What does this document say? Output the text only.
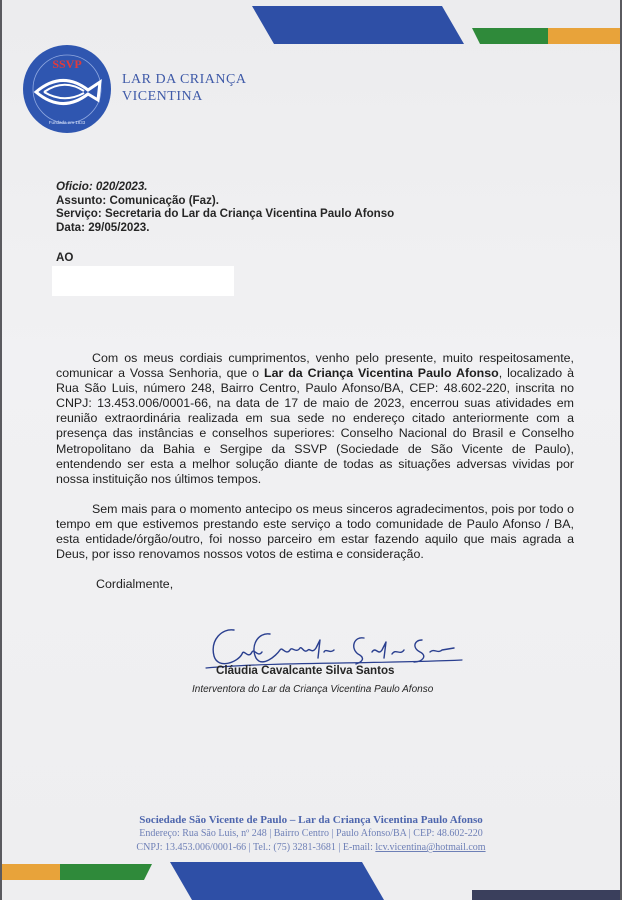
SSVP
Fundada em 1833
LAR DA CRIANÇA
VICENTINA
Oficio: 020/2023.
Assunto: Comunicação (Faz).
Serviço: Secretaria do Lar da Criança Vicentina Paulo Afonso
Data: 29/05/2023.
AO
Com os meus cordiais cumprimentos, venho pelo presente, muito respeitosamente, comunicar a Vossa Senhoria, que o Lar da Criança Vicentina Paulo Afonso, localizado à Rua São Luis, número 248, Bairro Centro, Paulo Afonso/BA, CEP: 48.602-220, inscrita no CNPJ: 13.453.006/0001-66, na data de 17 de maio de 2023, encerrou suas atividades em reunião extraordinária realizada em sua sede no endereço citado anteriormente com a presença das instâncias e conselhos superiores: Conselho Nacional do Brasil e Conselho Metropolitano da Bahia e Sergipe da SSVP (Sociedade de São Vicente de Paulo), entendendo ser esta a melhor solução diante de todas as situações adversas vividas por nossa instituição nos últimos tempos.
Sem mais para o momento antecipo os meus sinceros agradecimentos, pois por todo o tempo em que estivemos prestando este serviço a todo comunidade de Paulo Afonso / BA, esta entidade/órgão/outro, foi nosso parceiro em estar fazendo aquilo que mais agrada a Deus, por isso renovamos nossos votos de estima e consideração.
Cordialmente,
Cláudia Cavalcante Silva Santos
Interventora do Lar da Criança Vicentina Paulo Afonso
Sociedade São Vicente de Paulo – Lar da Criança Vicentina Paulo Afonso
Endereço: Rua São Luis, nº 248 | Bairro Centro | Paulo Afonso/BA | CEP: 48.602-220
CNPJ: 13.453.006/0001-66 | Tel.: (75) 3281-3681 | E-mail: lcv.vicentina@hotmail.com
